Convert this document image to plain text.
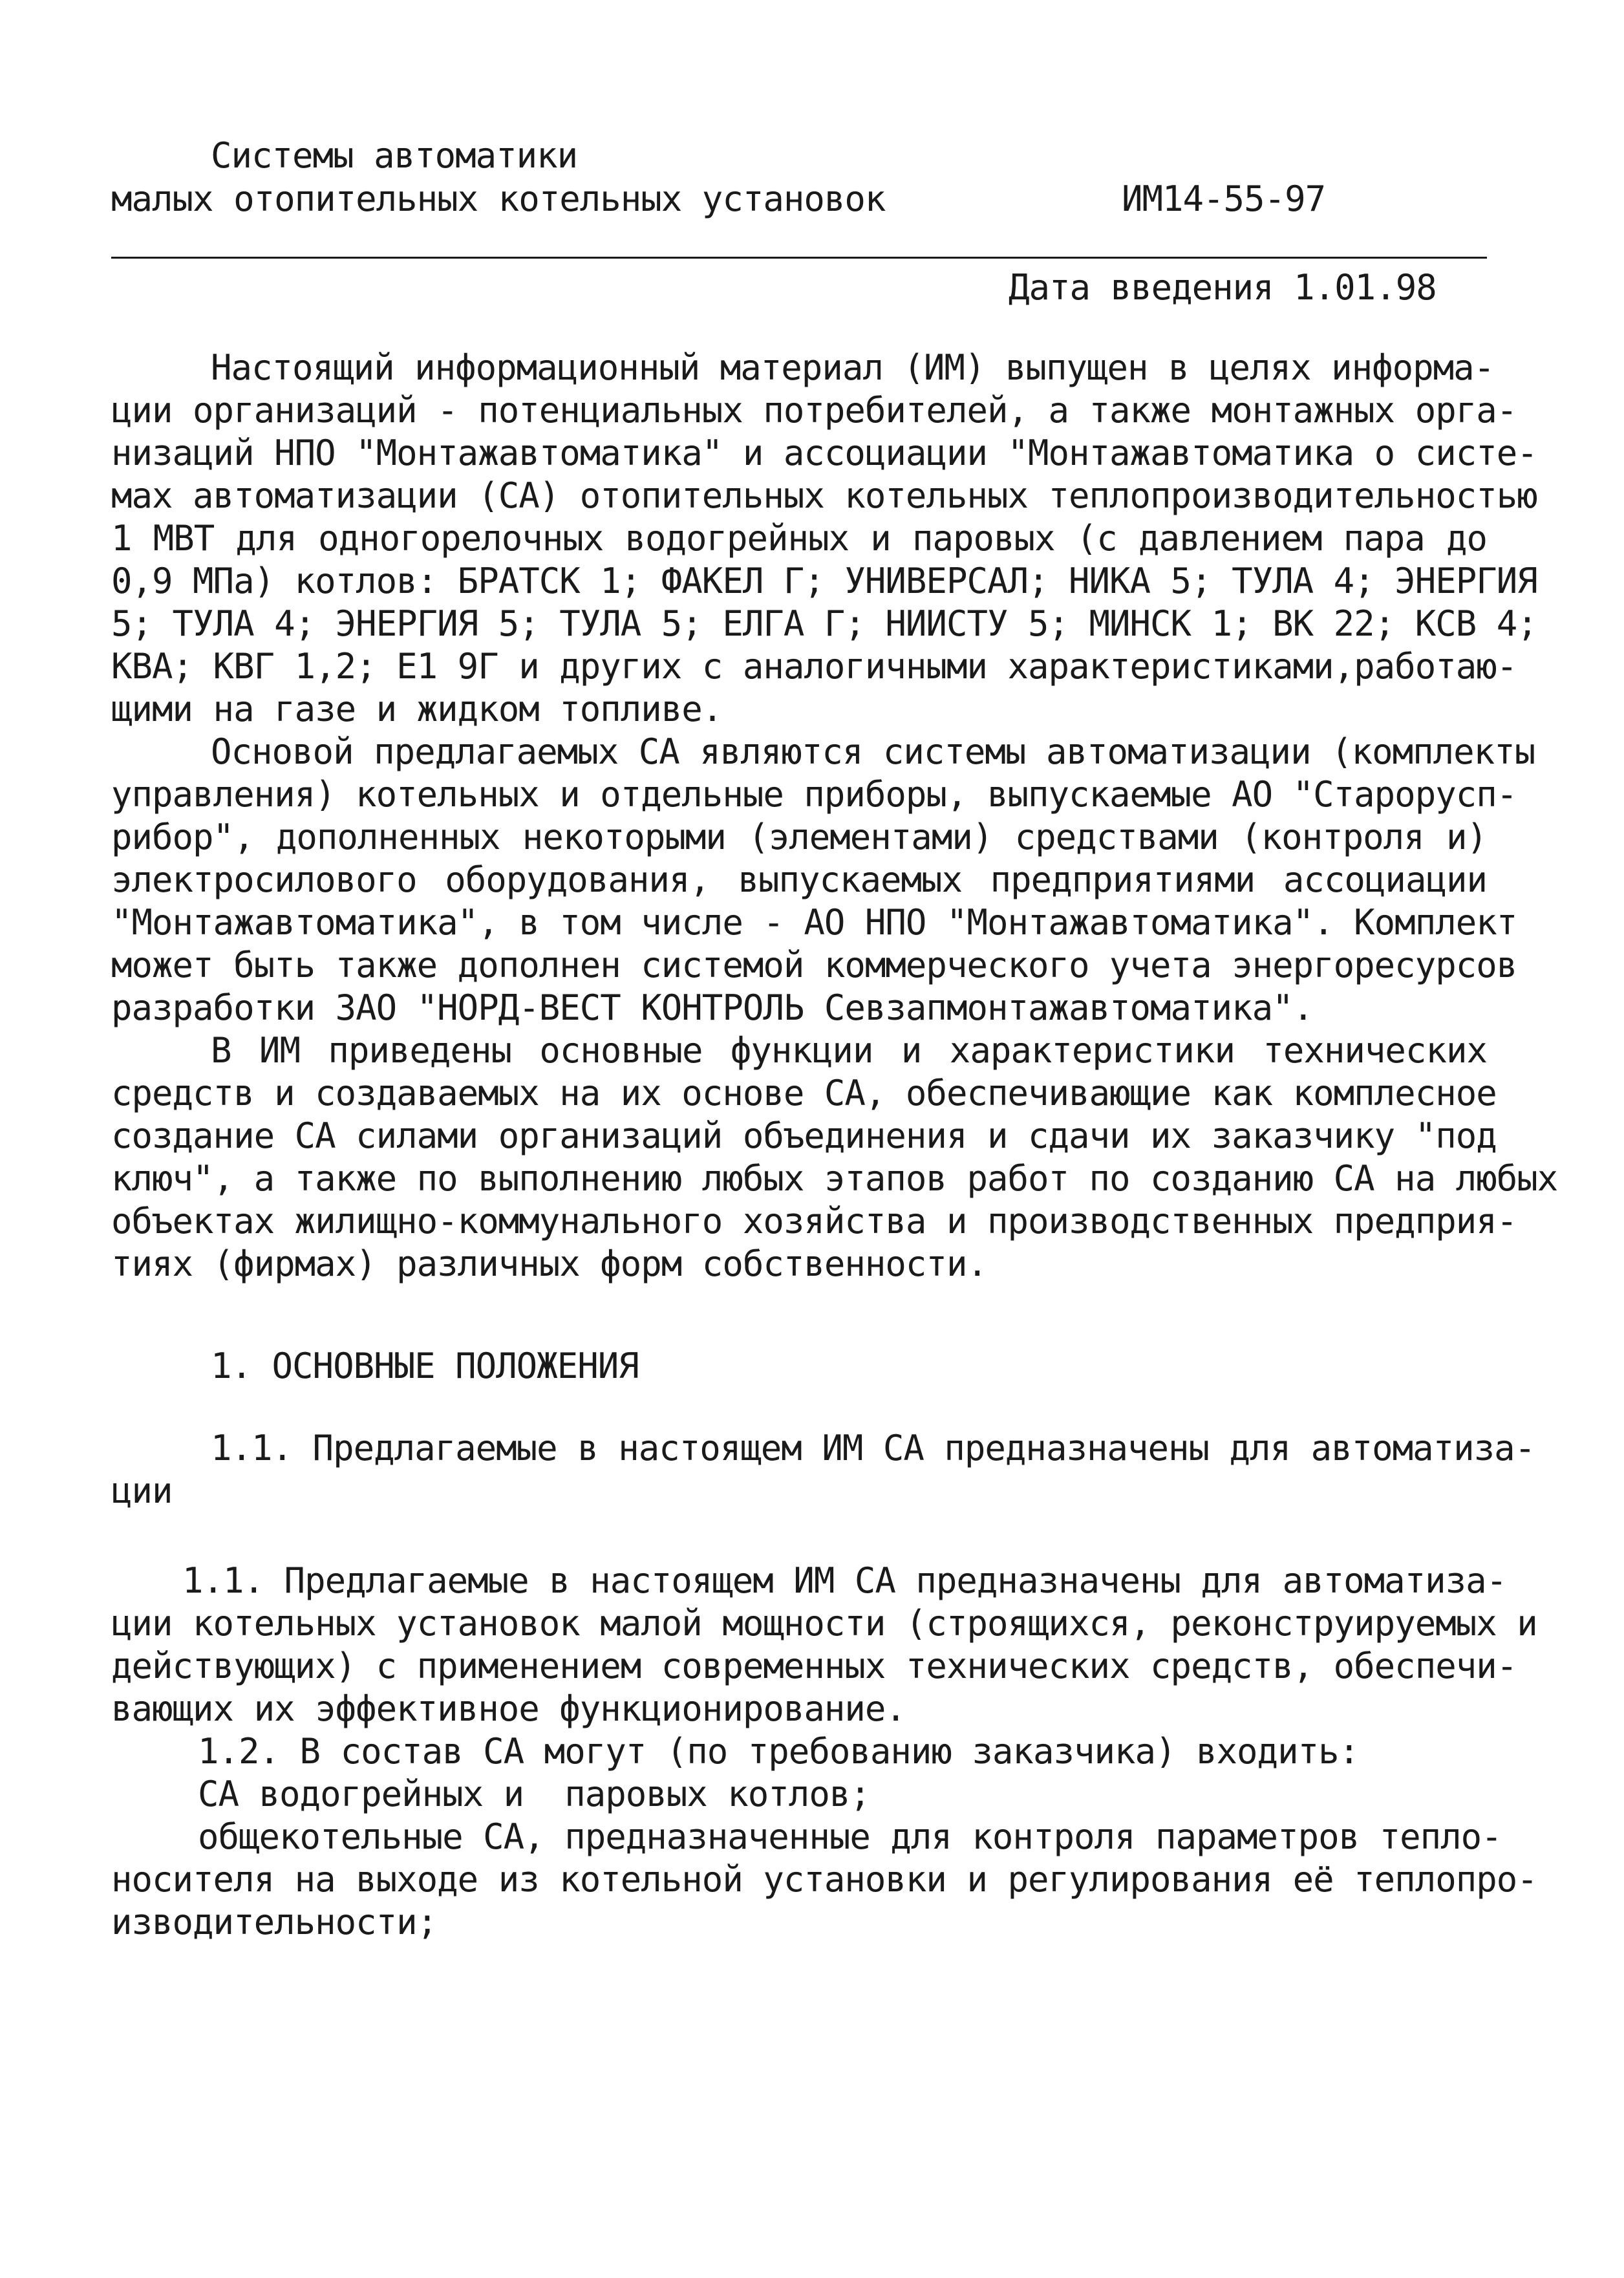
Системы автоматики
малых отопительных котельных установок	ИМ14-55-97
Дата введения 1.01.98
Настоящий информационный материал (ИМ) выпущен в целях информа-
ции организаций - потенциальных потребителей, а также монтажных орга-
низаций НПО "Монтажавтоматика" и ассоциации "Монтажавтоматика о систе-
мах автоматизации (СА) отопительных котельных теплопроизводительностью
1 МВТ для одногорелочных водогрейных и паровых (с давлением пара до
0,9 МПа) котлов: БРАТСК 1; ФАКЕЛ Г; УНИВЕРСАЛ; НИКА 5; ТУЛА 4; ЭНЕРГИЯ
5; ТУЛА 4; ЭНЕРГИЯ 5; ТУЛА 5; ЕЛГА Г; НИИСТУ 5; МИНСК 1; ВК 22; КСВ 4;
КВА; КВГ 1,2; Е1 9Г и других с аналогичными характеристиками,работаю-
щими на газе и жидком топливе.
Основой предлагаемых СА являются системы автоматизации (комплекты
управления) котельных и отдельные приборы, выпускаемые АО "Староруcп-
рибор", дополненных некоторыми (элементами) средствами (контроля и)
электросилового оборудования, выпускаемых предприятиями ассоциации
"Монтажавтоматика", в том числе - АО НПО "Монтажавтоматика". Комплект
может быть также дополнен системой коммерческого учета энергоресурсов
разработки ЗАО "НОРД-ВЕСТ КОНТРОЛЬ Севзапмонтажавтоматика".
В ИМ приведены основные функции и характеристики технических
средств и создаваемых на их основе СА, обеспечивающие как комплесное
создание СА силами организаций объединения и сдачи их заказчику "под
ключ", а также по выполнению любых этапов работ по созданию СА на любых
объектах жилищно-коммунального хозяйства и производственных предпpия-
тиях (фирмах) различных форм собственности.
1. ОСНОВНЫЕ ПОЛОЖЕНИЯ
1.1. Предлагаемые в настоящем ИМ СА предназначены для автоматиза-
ции
1.1. Предлагаемые в настоящем ИМ СА предназначены для автоматиза-
ции котельных установок малой мощности (строящихся, реконструируемых и
действующих) с применением современных технических средств, обеспечи-
вающих их эффективное функционирование.
1.2. В состав СА могут (по требованию заказчика) входить:
СА водогрейных и  паровых котлов;
общекотельные СА, предназначенные для контроля параметров тепло-
носителя на выходе из котельной установки и регулирования её теплопро-
изводительности;
